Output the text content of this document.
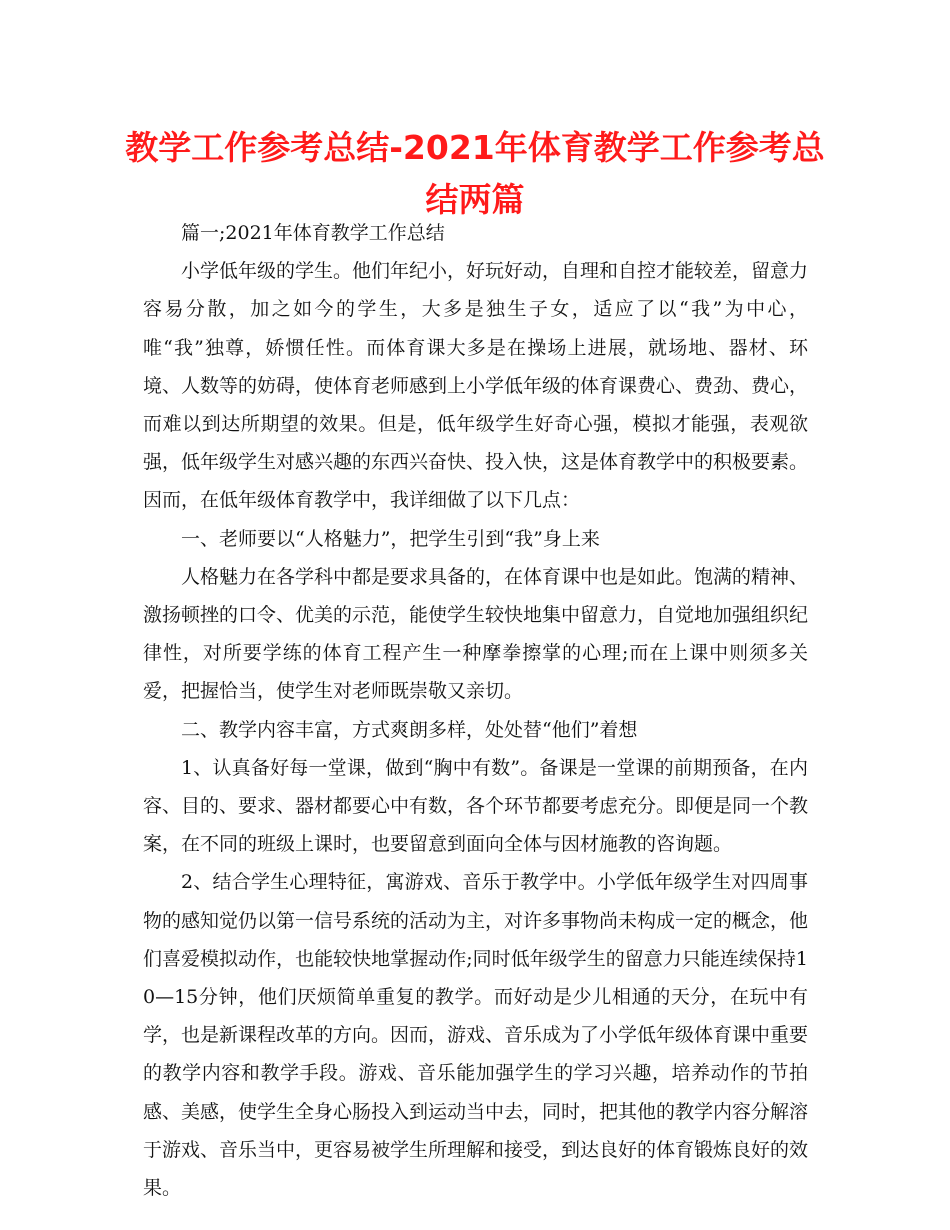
教学工作参考总结-2021年体育教学工作参考总结两篇

篇一;2021年体育教学工作总结

小学低年级的学生。他们年纪小，好玩好动，自理和自控才能较差，留意力容易分散，加之如今的学生，大多是独生子女，适应了以“我”为中心，唯“我”独尊，娇惯任性。而体育课大多是在操场上进展，就场地、器材、环境、人数等的妨碍，使体育老师感到上小学低年级的体育课费心、费劲、费心，而难以到达所期望的效果。但是，低年级学生好奇心强，模拟才能强，表观欲强，低年级学生对感兴趣的东西兴奋快、投入快，这是体育教学中的积极要素。因而，在低年级体育教学中，我详细做了以下几点：

一、老师要以“人格魅力”，把学生引到“我”身上来

人格魅力在各学科中都是要求具备的，在体育课中也是如此。饱满的精神、激扬顿挫的口令、优美的示范，能使学生较快地集中留意力，自觉地加强组织纪律性，对所要学练的体育工程产生一种摩拳擦掌的心理;而在上课中则须多关爱，把握恰当，使学生对老师既崇敬又亲切。

二、教学内容丰富，方式爽朗多样，处处替“他们”着想

1、认真备好每一堂课，做到“胸中有数”。备课是一堂课的前期预备，在内容、目的、要求、器材都要心中有数，各个环节都要考虑充分。即便是同一个教案，在不同的班级上课时，也要留意到面向全体与因材施教的咨询题。

2、结合学生心理特征，寓游戏、音乐于教学中。小学低年级学生对四周事物的感知觉仍以第一信号系统的活动为主，对许多事物尚未构成一定的概念，他们喜爱模拟动作，也能较快地掌握动作;同时低年级学生的留意力只能连续保持10—15分钟，他们厌烦简单重复的教学。而好动是少儿相通的天分，在玩中有学，也是新课程改革的方向。因而，游戏、音乐成为了小学低年级体育课中重要的教学内容和教学手段。游戏、音乐能加强学生的学习兴趣，培养动作的节拍感、美感，使学生全身心肠投入到运动当中去，同时，把其他的教学内容分解溶于游戏、音乐当中，更容易被学生所理解和接受，到达良好的体育锻炼良好的效果。
